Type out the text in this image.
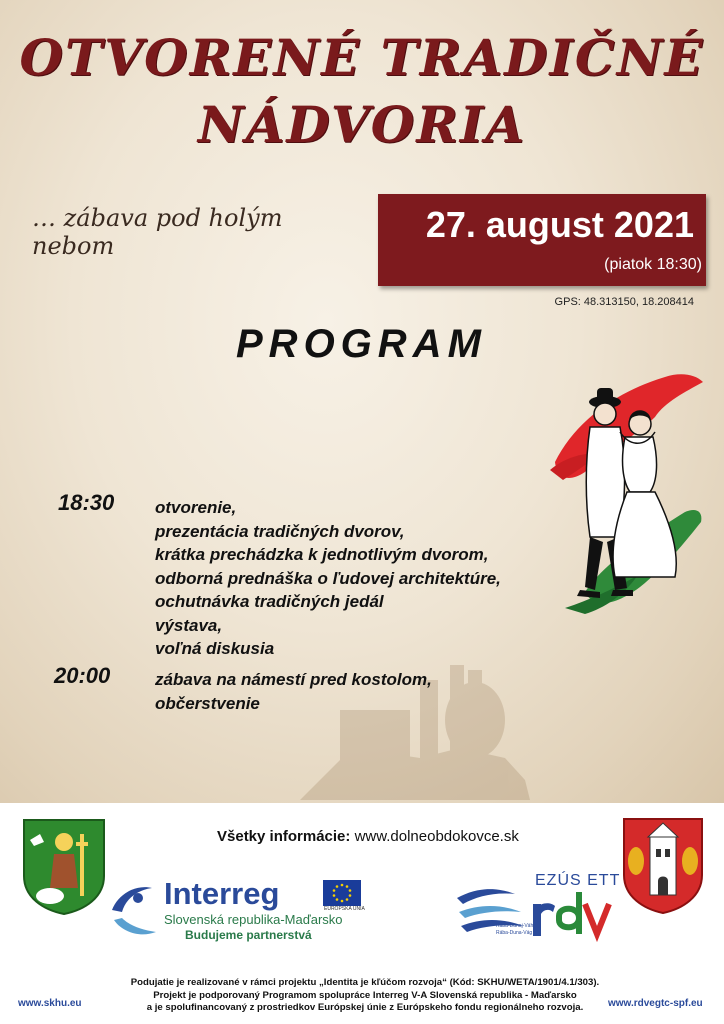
OTVORENÉ TRADIČNÉ
NÁDVORIA
… zábava pod holým nebom
27. august 2021
(piatok 18:30)
GPS: 48.313150, 18.208414
PROGRAM
18:30 otvorenie,
prezentácia tradičných dvorov,
krátka prechádzka k jednotlivým dvorom,
odborná prednáška o ľudovej architektúre,
ochutnávka tradičných jedál
výstava,
voľná diskusia
20:00	zábava na námestí pred kostolom,
občerstvenie
Všetky informácie: www.dolneobdokovce.sk
Interreg
Slovenská republika-Maďarsko
Budujeme partnerstvá
EURÓPSKA ÚNIA
EZÚS ETT
Rába-Dunaj-Váh
Rába-Duna-Vág
Podujatie je realizované v rámci projektu „Identita je kľúčom rozvoja“ (Kód: SKHU/WETA/1901/4.1/303).
Projekt je podporovaný Programom spolupráce Interreg V-A Slovenská republika - Maďarsko
a je spolufinancovaný z prostriedkov Európskej únie z Európskeho fondu regionálneho rozvoja.
www.skhu.eu	www.rdvegtc-spf.eu
